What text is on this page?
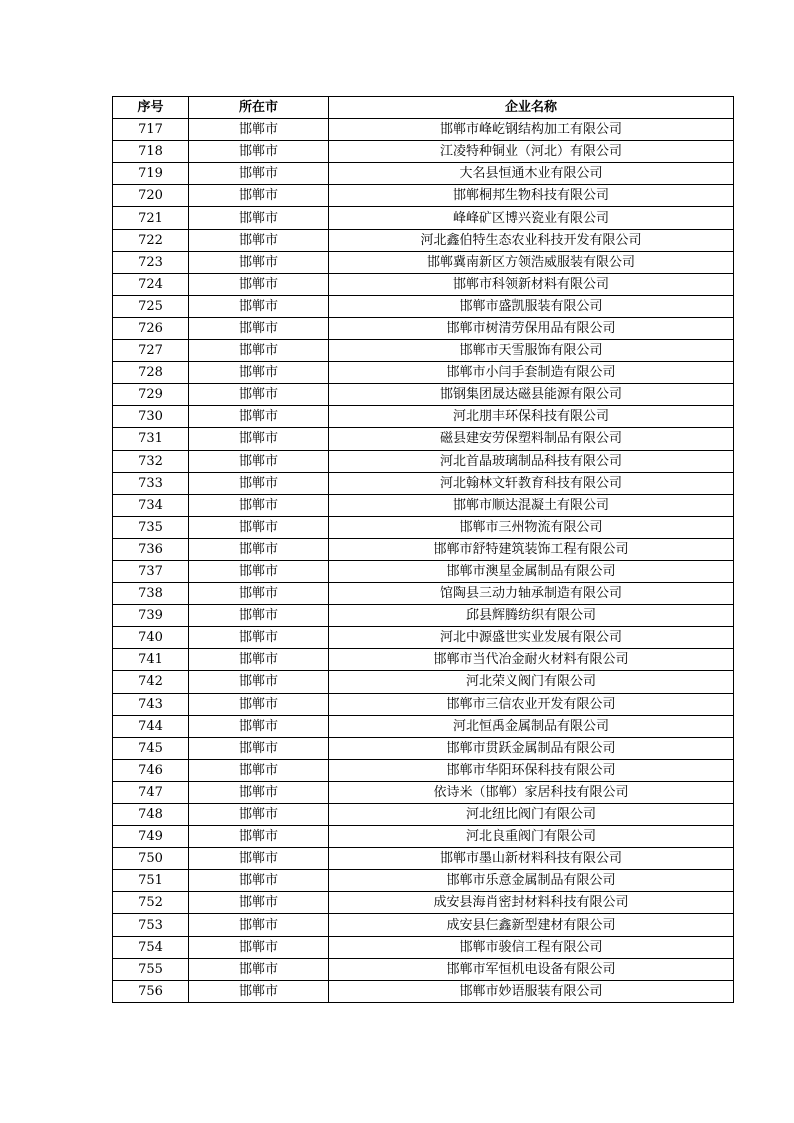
序号	所在市	企业名称
717	邯郸市	邯郸市峰屹钢结构加工有限公司
718	邯郸市	江凌特种铜业（河北）有限公司
719	邯郸市	大名县恒通木业有限公司
720	邯郸市	邯郸桐邦生物科技有限公司
721	邯郸市	峰峰矿区博兴瓷业有限公司
722	邯郸市	河北鑫伯特生态农业科技开发有限公司
723	邯郸市	邯郸冀南新区方领浩威服装有限公司
724	邯郸市	邯郸市科领新材料有限公司
725	邯郸市	邯郸市盛凯服装有限公司
726	邯郸市	邯郸市树清劳保用品有限公司
727	邯郸市	邯郸市天雪服饰有限公司
728	邯郸市	邯郸市小闫手套制造有限公司
729	邯郸市	邯钢集团晟达磁县能源有限公司
730	邯郸市	河北朋丰环保科技有限公司
731	邯郸市	磁县建安劳保塑料制品有限公司
732	邯郸市	河北首晶玻璃制品科技有限公司
733	邯郸市	河北翰林文轩教育科技有限公司
734	邯郸市	邯郸市顺达混凝土有限公司
735	邯郸市	邯郸市三州物流有限公司
736	邯郸市	邯郸市舒特建筑装饰工程有限公司
737	邯郸市	邯郸市澳星金属制品有限公司
738	邯郸市	馆陶县三动力轴承制造有限公司
739	邯郸市	邱县辉腾纺织有限公司
740	邯郸市	河北中源盛世实业发展有限公司
741	邯郸市	邯郸市当代冶金耐火材料有限公司
742	邯郸市	河北荣义阀门有限公司
743	邯郸市	邯郸市三信农业开发有限公司
744	邯郸市	河北恒禹金属制品有限公司
745	邯郸市	邯郸市贯跃金属制品有限公司
746	邯郸市	邯郸市华阳环保科技有限公司
747	邯郸市	依诗米（邯郸）家居科技有限公司
748	邯郸市	河北纽比阀门有限公司
749	邯郸市	河北良重阀门有限公司
750	邯郸市	邯郸市墨山新材料科技有限公司
751	邯郸市	邯郸市乐意金属制品有限公司
752	邯郸市	成安县海肖密封材料科技有限公司
753	邯郸市	成安县仨鑫新型建材有限公司
754	邯郸市	邯郸市骏信工程有限公司
755	邯郸市	邯郸市军恒机电设备有限公司
756	邯郸市	邯郸市妙语服装有限公司
